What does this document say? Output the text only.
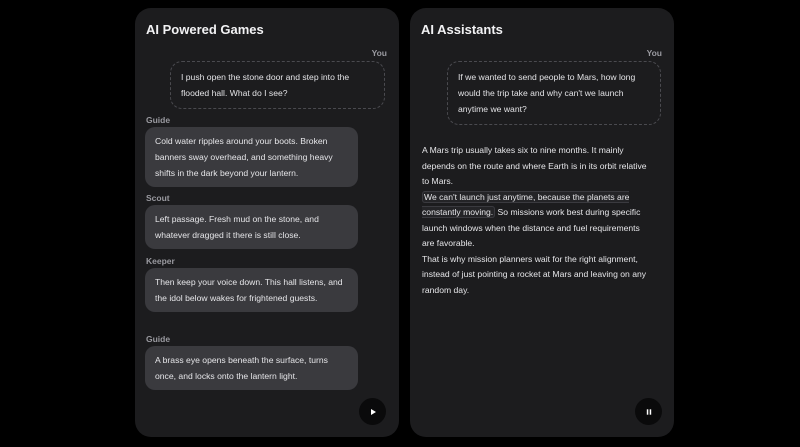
AI Powered Games
You
I push open the stone door and step into the flooded hall. What do I see?
Guide
Cold water ripples around your boots. Broken banners sway overhead, and something heavy shifts in the dark beyond your lantern.
Scout
Left passage. Fresh mud on the stone, and whatever dragged it there is still close.
Keeper
Then keep your voice down. This hall listens, and the idol below wakes for frightened guests.
Guide
A brass eye opens beneath the surface, turns once, and locks onto the lantern light.
AI Assistants
You
If we wanted to send people to Mars, how long would the trip take and why can't we launch anytime we want?

A Mars trip usually takes six to nine months. It mainly depends on the route and where Earth is in its orbit relative to Mars.

We can't launch just anytime, because the planets are constantly moving. So missions work best during specific launch windows when the distance and fuel requirements are favorable.

That is why mission planners wait for the right alignment, instead of just pointing a rocket at Mars and leaving on any random day.
